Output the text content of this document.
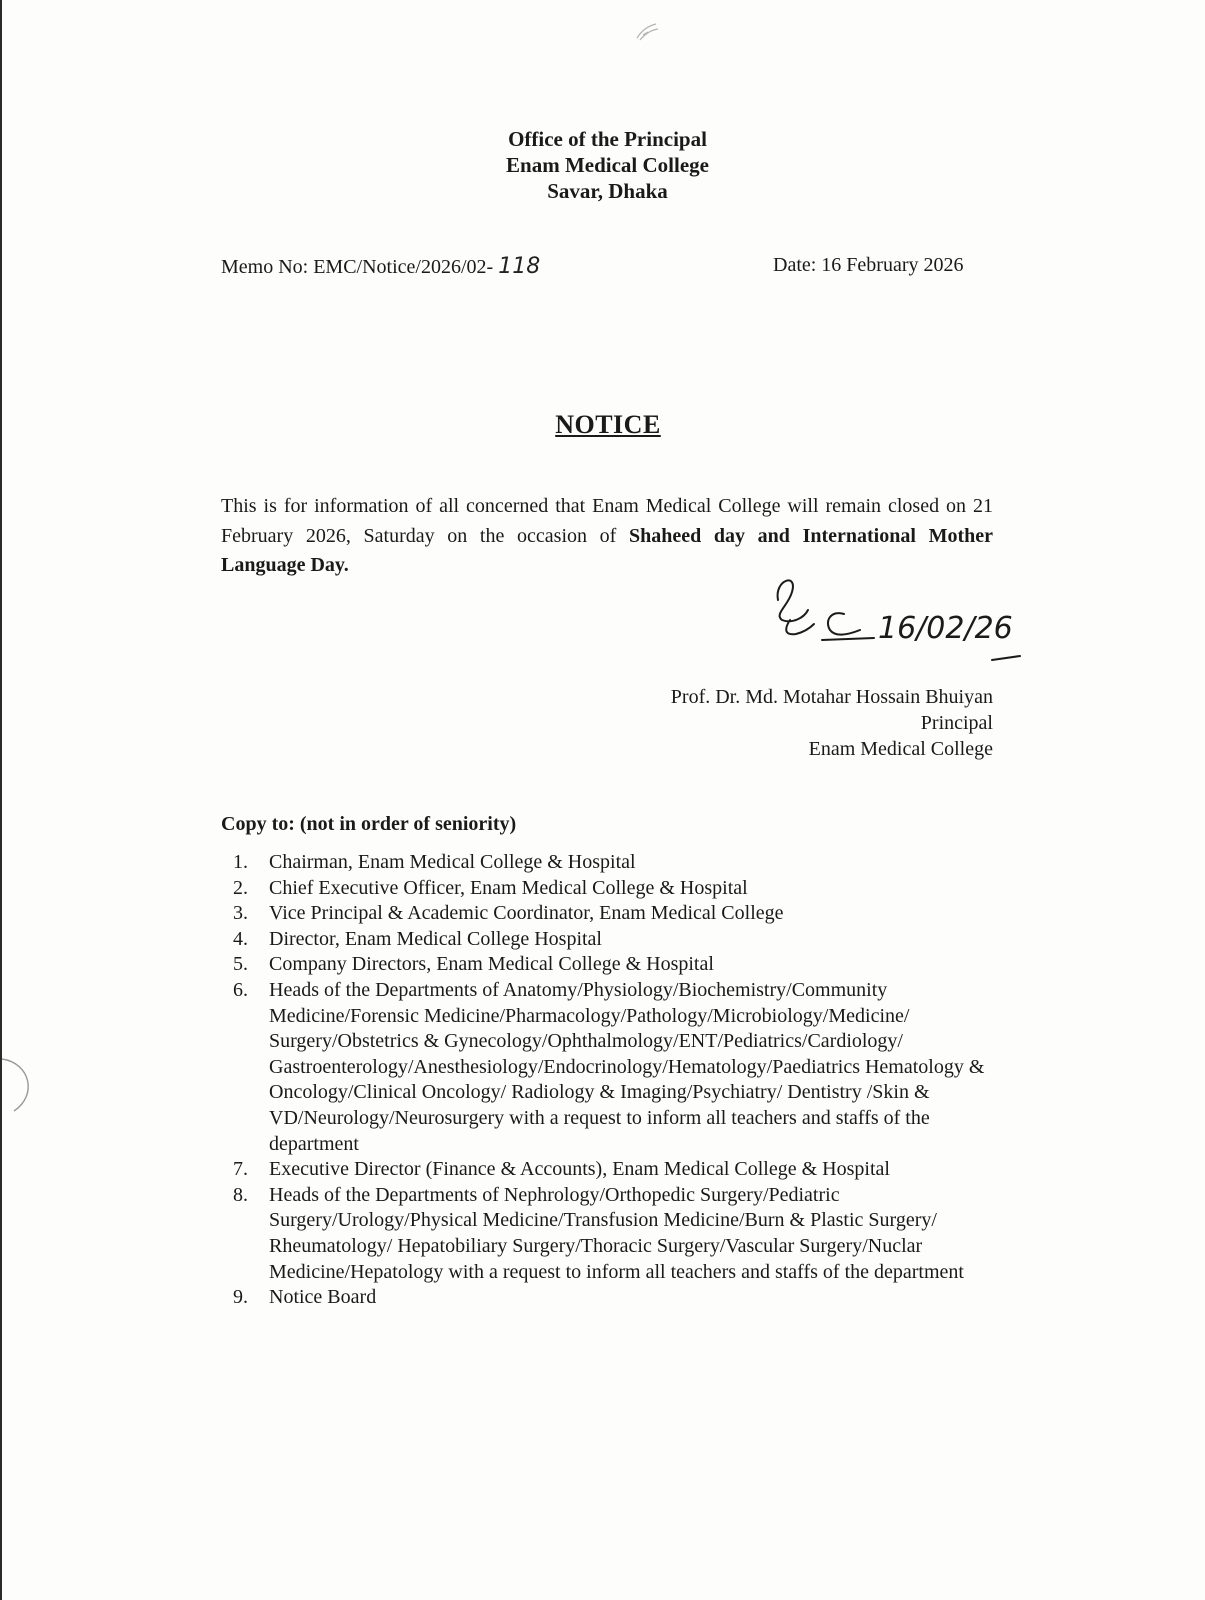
Office of the Principal
Enam Medical College
Savar, Dhaka
Memo No: EMC/Notice/2026/02- 118	Date: 16 February 2026
NOTICE
This is for information of all concerned that Enam Medical College will remain closed on 21 February 2026, Saturday on the occasion of Shaheed day and International Mother Language Day.
16/02/26
Prof. Dr. Md. Motahar Hossain Bhuiyan
Principal
Enam Medical College
Copy to: (not in order of seniority)
1. Chairman, Enam Medical College & Hospital
2. Chief Executive Officer, Enam Medical College & Hospital
3. Vice Principal & Academic Coordinator, Enam Medical College
4. Director, Enam Medical College Hospital
5. Company Directors, Enam Medical College & Hospital
6. Heads of the Departments of Anatomy/Physiology/Biochemistry/Community Medicine/Forensic Medicine/Pharmacology/Pathology/Microbiology/Medicine/ Surgery/Obstetrics & Gynecology/Ophthalmology/ENT/Pediatrics/Cardiology/ Gastroenterology/Anesthesiology/Endocrinology/Hematology/Paediatrics Hematology & Oncology/Clinical Oncology/ Radiology & Imaging/Psychiatry/ Dentistry /Skin & VD/Neurology/Neurosurgery with a request to inform all teachers and staffs of the department
7. Executive Director (Finance & Accounts), Enam Medical College & Hospital
8. Heads of the Departments of Nephrology/Orthopedic Surgery/Pediatric Surgery/Urology/Physical Medicine/Transfusion Medicine/Burn & Plastic Surgery/ Rheumatology/ Hepatobiliary Surgery/Thoracic Surgery/Vascular Surgery/Nuclar Medicine/Hepatology with a request to inform all teachers and staffs of the department
9. Notice Board
